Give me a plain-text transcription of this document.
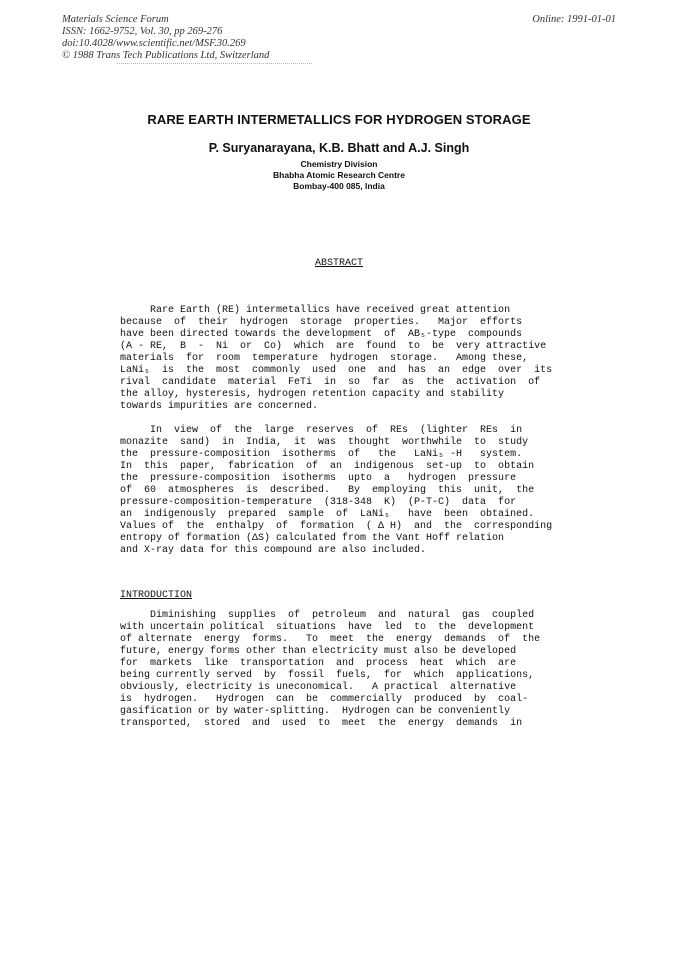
Materials Science Forum
ISSN: 1662-9752, Vol. 30, pp 269-276
doi:10.4028/www.scientific.net/MSF.30.269
© 1988 Trans Tech Publications Ltd, Switzerland
Online: 1991-01-01
RARE EARTH INTERMETALLICS FOR HYDROGEN STORAGE
P. Suryanarayana, K.B. Bhatt and A.J. Singh
Chemistry Division
Bhabha Atomic Research Centre
Bombay-400 085, India
ABSTRACT
Rare Earth (RE) intermetallics have received great attention
because  of  their  hydrogen  storage  properties.   Major  efforts
have been directed towards the development  of  AB₅-type  compounds
(A - RE,  B  -  Ni  or  Co)  which  are  found  to  be  very attractive
materials  for  room  temperature  hydrogen  storage.   Among these,
LaNi₅  is  the  most  commonly  used  one  and  has  an  edge  over  its
rival  candidate  material  FeTi  in  so  far  as  the  activation  of
the alloy, hysteresis, hydrogen retention capacity and stability
towards impurities are concerned.
In  view  of  the  large  reserves  of  REs  (lighter  REs  in
monazite  sand)  in  India,  it  was  thought  worthwhile  to  study
the  pressure-composition  isotherms  of   the   LaNi₅ -H   system.
In  this  paper,  fabrication  of  an  indigenous  set-up  to  obtain
the  pressure-composition  isotherms  upto  a   hydrogen  pressure
of  60  atmospheres  is  described.   By  employing  this  unit,  the
pressure-composition-temperature  (318-348  K)  (P-T-C)  data  for
an  indigenously  prepared  sample  of  LaNi₅   have  been  obtained.
Values of  the  enthalpy  of  formation  ( Δ H)  and  the  corresponding
entropy of formation (ΔS) calculated from the Vant Hoff relation
and X-ray data for this compound are also included.
INTRODUCTION
Diminishing  supplies  of  petroleum  and  natural  gas  coupled
with uncertain political  situations  have  led  to  the  development
of alternate  energy  forms.   To  meet  the  energy  demands  of  the
future, energy forms other than electricity must also be developed
for  markets  like  transportation  and  process  heat  which  are
being currently served  by  fossil  fuels,  for  which  applications,
obviously, electricity is uneconomical.   A practical  alternative
is  hydrogen.   Hydrogen  can  be  commercially  produced  by  coal-
gasification or by water-splitting.  Hydrogen can be conveniently
transported,  stored  and  used  to  meet  the  energy  demands  in
